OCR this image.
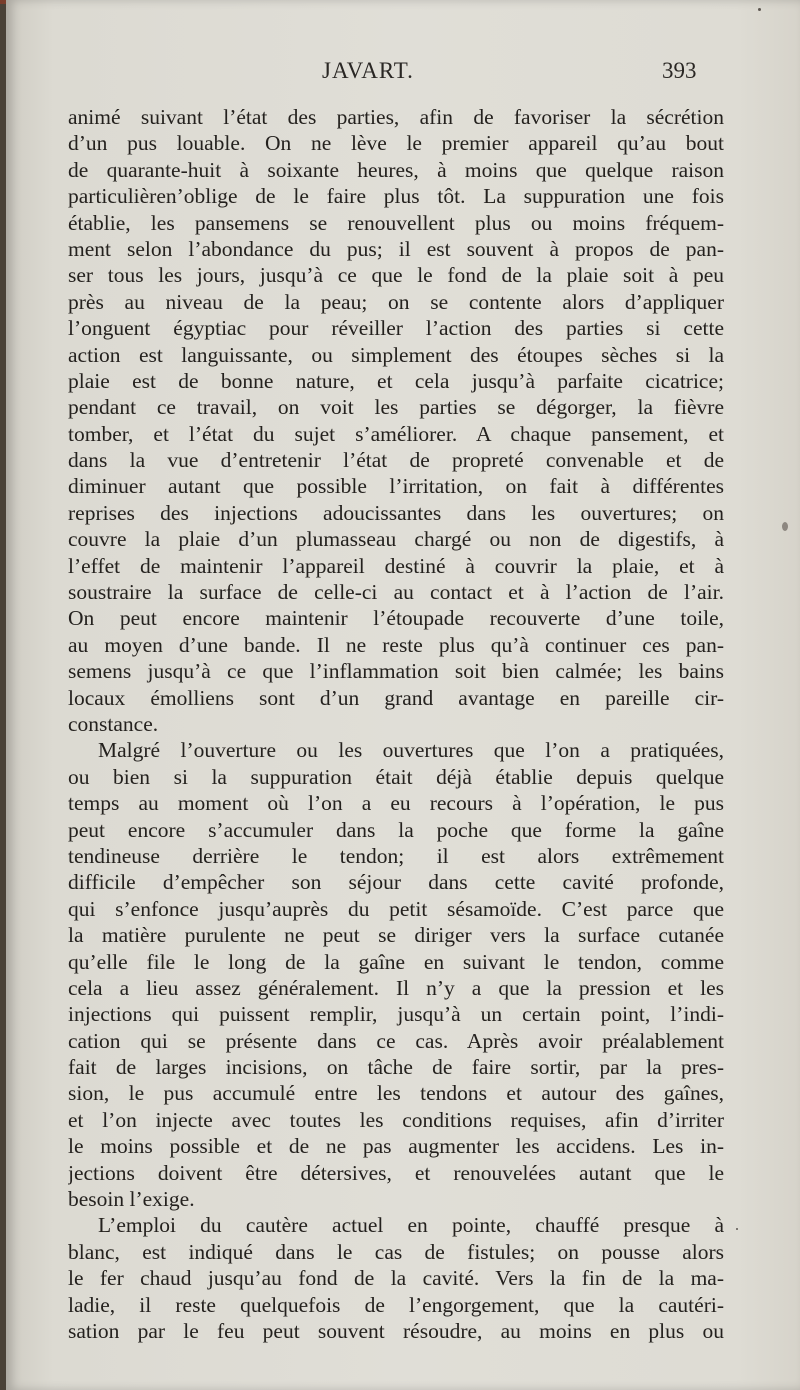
JAVART.	393
animé suivant l’état des parties, afin de favoriser la sécrétion
d’un pus louable. On ne lève le premier appareil qu’au bout
de quarante-huit à soixante heures, à moins que quelque raison
particulièren’oblige de le faire plus tôt. La suppuration une fois
établie, les pansemens se renouvellent plus ou moins fréquem-
ment selon l’abondance du pus; il est souvent à propos de pan-
ser tous les jours, jusqu’à ce que le fond de la plaie soit à peu
près au niveau de la peau; on se contente alors d’appliquer
l’onguent égyptiac pour réveiller l’action des parties si cette
action est languissante, ou simplement des étoupes sèches si la
plaie est de bonne nature, et cela jusqu’à parfaite cicatrice;
pendant ce travail, on voit les parties se dégorger, la fièvre
tomber, et l’état du sujet s’améliorer. A chaque pansement, et
dans la vue d’entretenir l’état de propreté convenable et de
diminuer autant que possible l’irritation, on fait à différentes
reprises des injections adoucissantes dans les ouvertures; on
couvre la plaie d’un plumasseau chargé ou non de digestifs, à
l’effet de maintenir l’appareil destiné à couvrir la plaie, et à
soustraire la surface de celle-ci au contact et à l’action de l’air.
On peut encore maintenir l’étoupade recouverte d’une toile,
au moyen d’une bande. Il ne reste plus qu’à continuer ces pan-
semens jusqu’à ce que l’inflammation soit bien calmée; les bains
locaux émolliens sont d’un grand avantage en pareille cir-
constance.
Malgré l’ouverture ou les ouvertures que l’on a pratiquées,
ou bien si la suppuration était déjà établie depuis quelque
temps au moment où l’on a eu recours à l’opération, le pus
peut encore s’accumuler dans la poche que forme la gaîne
tendineuse derrière le tendon; il est alors extrêmement
difficile d’empêcher son séjour dans cette cavité profonde,
qui s’enfonce jusqu’auprès du petit sésamoïde. C’est parce que
la matière purulente ne peut se diriger vers la surface cutanée
qu’elle file le long de la gaîne en suivant le tendon, comme
cela a lieu assez généralement. Il n’y a que la pression et les
injections qui puissent remplir, jusqu’à un certain point, l’indi-
cation qui se présente dans ce cas. Après avoir préalablement
fait de larges incisions, on tâche de faire sortir, par la pres-
sion, le pus accumulé entre les tendons et autour des gaînes,
et l’on injecte avec toutes les conditions requises, afin d’irriter
le moins possible et de ne pas augmenter les accidens. Les in-
jections doivent être détersives, et renouvelées autant que le
besoin l’exige.
L’emploi du cautère actuel en pointe, chauffé presque à
blanc, est indiqué dans le cas de fistules; on pousse alors
le fer chaud jusqu’au fond de la cavité. Vers la fin de la ma-
ladie, il reste quelquefois de l’engorgement, que la cautéri-
sation par le feu peut souvent résoudre, au moins en plus ou
